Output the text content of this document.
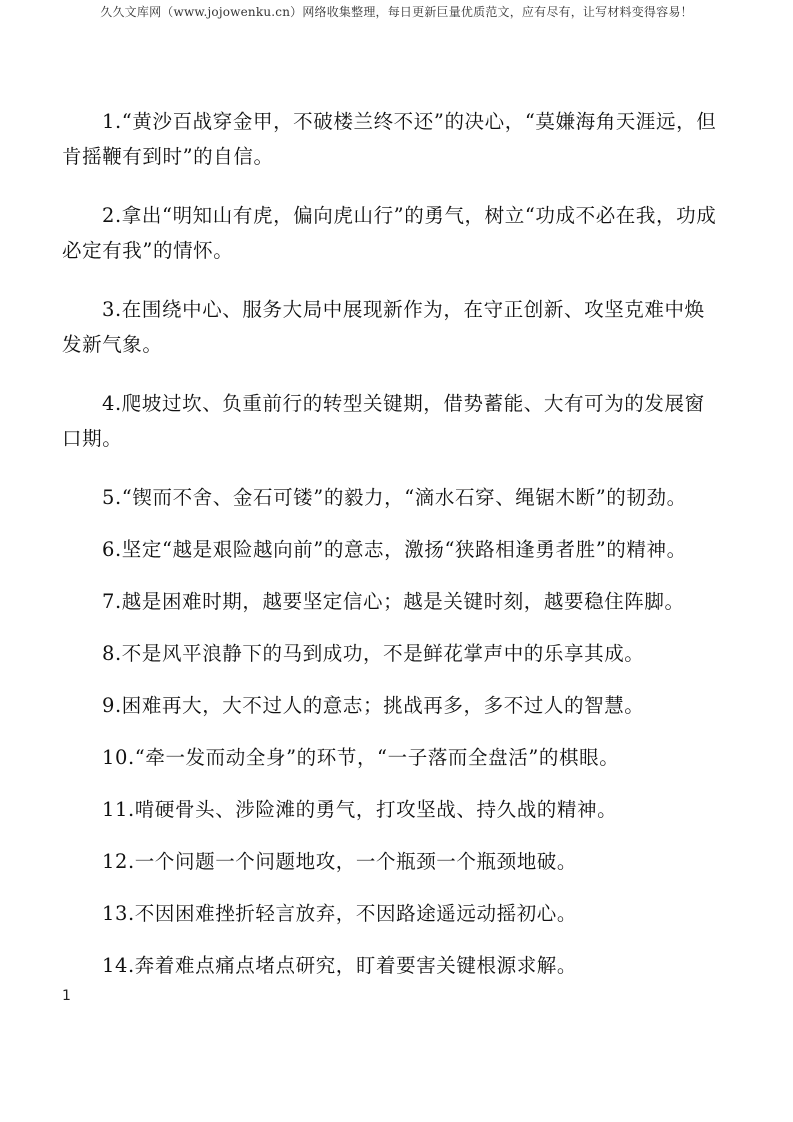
久久文库网（www.jojowenku.cn）网络收集整理，每日更新巨量优质范文，应有尽有，让写材料变得容易！

1.“黄沙百战穿金甲，不破楼兰终不还”的决心，“莫嫌海角天涯远，但肯摇鞭有到时”的自信。

2.拿出“明知山有虎，偏向虎山行”的勇气，树立“功成不必在我，功成必定有我”的情怀。

3.在围绕中心、服务大局中展现新作为，在守正创新、攻坚克难中焕发新气象。

4.爬坡过坎、负重前行的转型关键期，借势蓄能、大有可为的发展窗口期。

5.“锲而不舍、金石可镂”的毅力，“滴水石穿、绳锯木断”的韧劲。

6.坚定“越是艰险越向前”的意志，激扬“狭路相逢勇者胜”的精神。

7.越是困难时期，越要坚定信心；越是关键时刻，越要稳住阵脚。

8.不是风平浪静下的马到成功，不是鲜花掌声中的乐享其成。

9.困难再大，大不过人的意志；挑战再多，多不过人的智慧。

10.“牵一发而动全身”的环节，“一子落而全盘活”的棋眼。

11.啃硬骨头、涉险滩的勇气，打攻坚战、持久战的精神。

12.一个问题一个问题地攻，一个瓶颈一个瓶颈地破。

13.不因困难挫折轻言放弃，不因路途遥远动摇初心。

14.奔着难点痛点堵点研究，盯着要害关键根源求解。

1
